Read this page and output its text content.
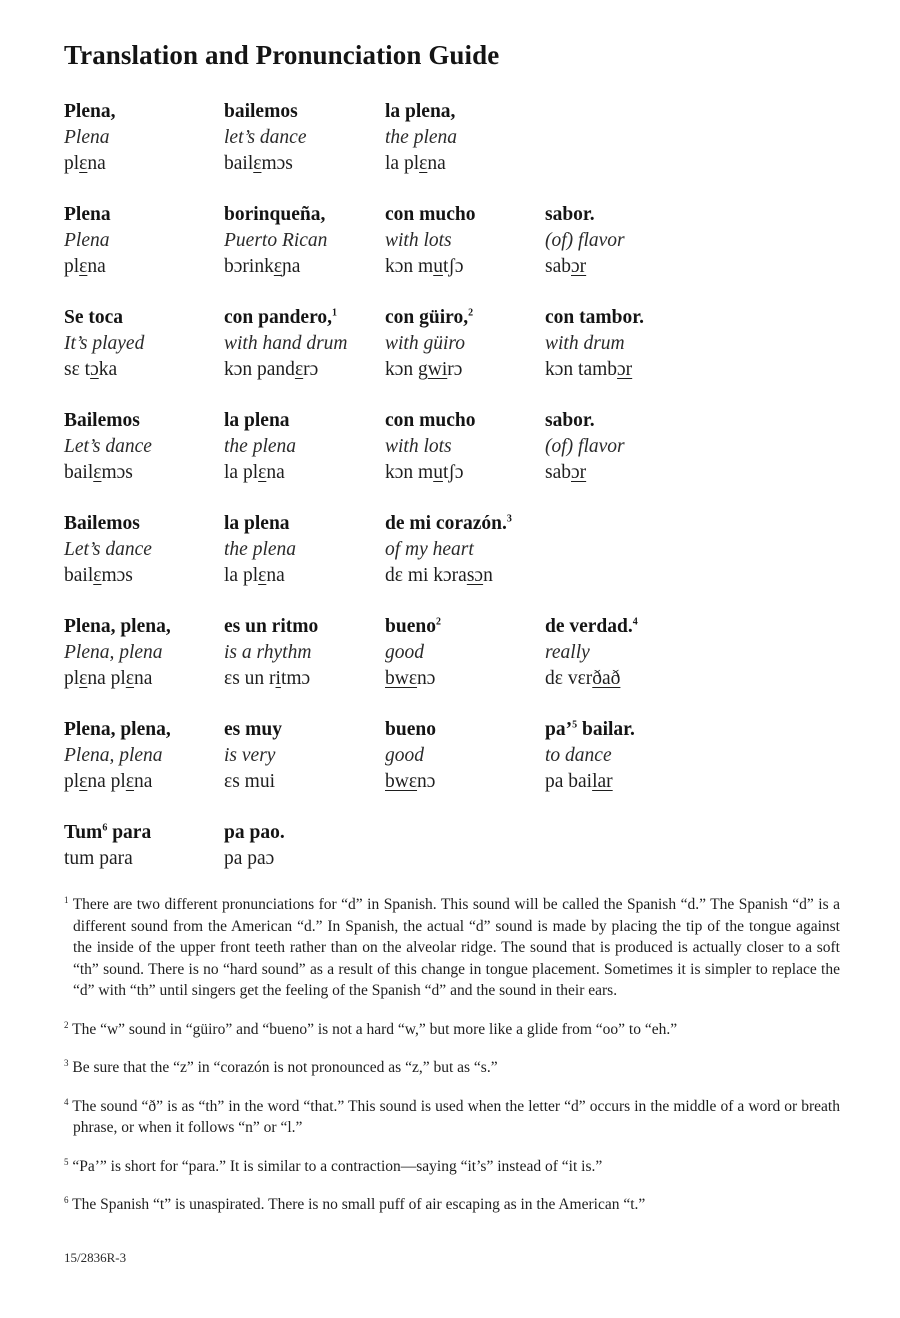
Translation and Pronunciation Guide
Plena,
Plena
plɛna
bailemos
let’s dance
bailɛmɔs
la plena,
the plena
la plɛna
Plena
Plena
plɛna
borinqueña,
Puerto Rican
bɔrinkɛɲa
con mucho
with lots
kɔn mutʃɔ
sabor.
(of) flavor
sabɔr
Se toca
It’s played
sɛ tɔka
con pandero,$^1$
with hand drum
kɔn pandɛrɔ
con güiro,$^2$
with güiro
kɔn gwirɔ
con tambor.
with drum
kɔn tambɔr
Bailemos
Let’s dance
bailɛmɔs
la plena
the plena
la plɛna
con mucho
with lots
kɔn mutʃɔ
sabor.
(of) flavor
sabɔr
Bailemos
Let’s dance
bailɛmɔs
la plena
the plena
la plɛna
de mi corazón.$^3$
of my heart
dɛ mi kɔrasɔn
Plena, plena,
Plena, plena
plɛna plɛna
es un ritmo
is a rhythm
ɛs un ritmɔ
bueno$^2$
good
bwɛnɔ
de verdad.$^4$
really
dɛ vɛrðað
Plena, plena,
Plena, plena
plɛna plɛna
es muy
is very
ɛs mui
bueno
good
bwɛnɔ
pa’$^5$ bailar.
to dance
pa bailar
Tum$^6$ para
tum para
pa pao.
pa paɔ
$^1$ There are two different pronunciations for “d” in Spanish. This sound will be called the Spanish “d.” The Spanish “d” is a different sound from the American “d.” In Spanish, the actual “d” sound is made by placing the tip of the tongue against the inside of the upper front teeth rather than on the alveolar ridge. The sound that is produced is actually closer to a soft “th” sound. There is no “hard sound” as a result of this change in tongue placement. Sometimes it is simpler to replace the “d” with “th” until singers get the feeling of the Spanish “d” and the sound in their ears.
$^2$ The “w” sound in “güiro” and “bueno” is not a hard “w,” but more like a glide from “oo” to “eh.”
$^3$ Be sure that the “z” in “corazón is not pronounced as “z,” but as “s.”
$^4$ The sound “ð” is as “th” in the word “that.” This sound is used when the letter “d” occurs in the middle of a word or breath phrase, or when it follows “n” or “l.”
$^5$ “Pa’” is short for “para.” It is similar to a contraction—saying “it’s” instead of “it is.”
$^6$ The Spanish “t” is unaspirated. There is no small puff of air escaping as in the American “t.”
15/2836R-3
